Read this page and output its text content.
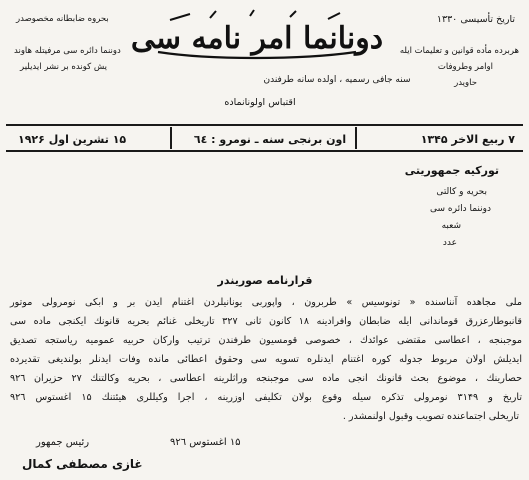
تاریخ تأسیسی ۱۳۳۰
هربرده مأده قوانین و تعلیمات ایله
اوامر وطروفات
حاویدر
بحروه ضابطانه مخصوصدر
دوننما دائره سی مرفیتله هاوند
یش کونده بر نشر ایدیلیر
دونانما امر نامه سی
سنه جافی رسمیه ، اولده سانه طرفندن
اقتباس اولونانماده
۷ ربیع الاخر ۱۳۴۵
اون برنجی سنه ـ نومرو : ٦٤
۱۵ تشرین اول ۱۹۲۶
تورکیه جمهوریتی
بحریه و کالتی
دوننما دائره سی
شعبه
عدد
قرارنامه صوریندر
ملی مجاهده آنناسنده « تونوسیس » طربرون ، واپوربی یونانیلردن اغتنام ایدن بر و ابکی نومرولی موتور
قانبوطارعزرق قوماندانی ایله ضابطان وافرادینه ۱۸ کانون ثانی ۳۲۷ تاریخلی غنائم بحریه قانونك ایکنجی ماده سی
موجبنجه ، اعطاسی مقتضی عوائدك ، خصوصی قومسیون طرفندن ترتیب وارکان حربیه عمومیه ریاستجه تصدیق
ایدیلش اولان مربوط جدوله کوره اغتنام ایدنلره تسویه سی وحقوق اعطائی مانده وفات ایدنلر بولندیغی تقدیرده
حصارینك ، موضوع بحث قانونك انجی ماده سی موجبنجه وراثلرینه اعطاسی ، بحریه وکالتنك ۲۷ حزیران ۹۲٦
تاریخ و ۳۱۴۹ نومرولی تذکره سیله وقوع بولان تکلیفی اوزرینه ، اجرا وکیللری هیئتنك ۱۵ اغستوس ۹۲٦
تاریخلی اجتماعنده تصویب وقبول اولنمشدر .
۱۵ اغستوس ۹۲٦
رئیس جمهور
غازی مصطفی کمال
